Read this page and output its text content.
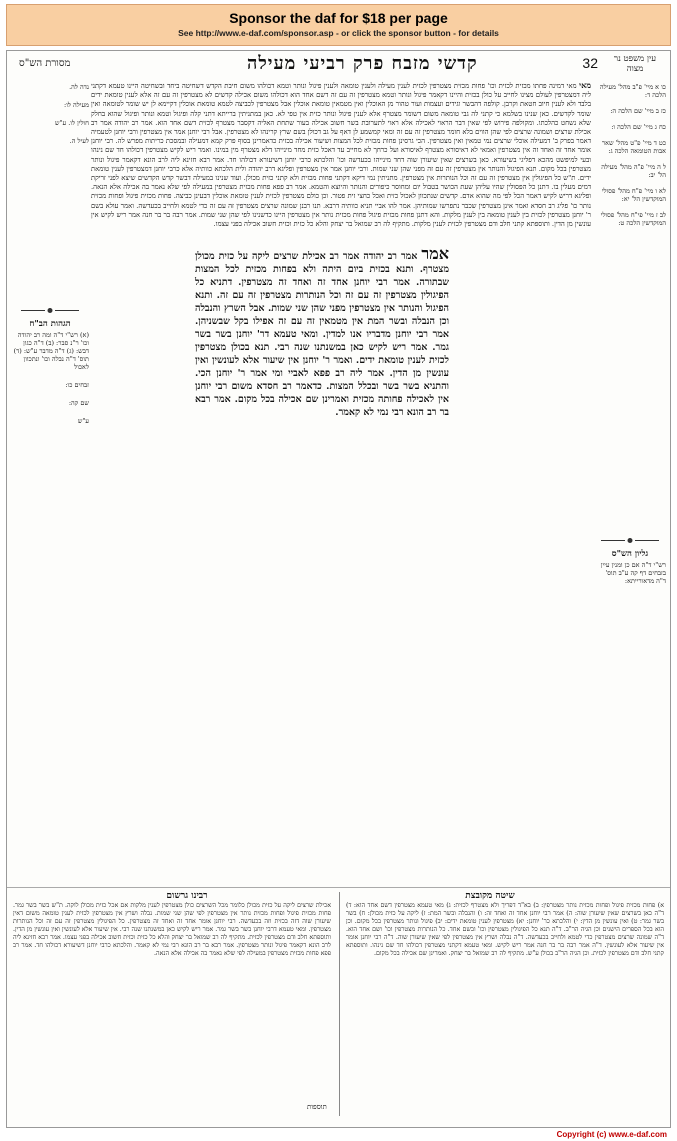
Sponsor the daf for $18 per page
See http://www.e-daf.com/sponsor.asp - or click the sponsor button - for details
עין משפט נר מצוה
32
קדשי מזבח פרק רביעי מעילה
מסורת הש"ס

כו א מיי' פ"ב מהל' מעילה הלכה ד:

כז ב מיי' שם הלכה ה:

כח ג מיי' שם הלכה ו:

כט ד מיי' פ"ט מהל' שאר אבות הטומאה הלכה ג:

ל ה מיי' פ"ה מהל' מעילה הל' יב:

לא ו מיי' פ"ח מהל' פסולי המוקדשין הל' יא:

לב ז מיי' פי"ח מהל' פסולי המוקדשין הלכה ט:

גליון הש"ס

רש"י ד"ה אם כן ומנין עיין בזבחים דף קה ע"ב תוס' ד"ה מדאורייתא:

נדה לה.

מעילה לו:

חולין לו. ע"ש

לעיל ה.

הגהות הב"ח

(א) רש"י ד"ה ומה רב יהודה וכו' ר"נ סבר: (ב) ד"ה כגון דבש: (ג) ד"ה מדבר ע"ש: (ד) תוס' ד"ה נבלה וכו' ונתכוון לאכול

זבחים כו:

שם קה:

ע"ש

מאי מאי דמינה פחתו מכזית לכזית וכו' פחות מכזית מצטרפין לכזית לענין מעילה ולענין טומאה ולענין פיגול ונותר וטמא דכולהו משום חיבת הקדש דשחיטה ביחד ובשחיטה היינו טעמא דקתני ליה דמצטרפין לעולם מצינו לחייב על כולן בכזית והיינו דקאמר פיגול ונותר וטמא מצטרפין זה עם זה דשם אחד הוא דכולהו משום אכילה קדשים לא מצטרפין זה עם זה אלא לענין טומאת ידים בלבד ולא לענין חיוב חטאת וקרבן. קולפה דהבשר וגידים ועצמות ועור טהור מן האוכלין ואין מטמאין טומאת אוכלין אבל מצטרפין לכביצה לטמא טומאת אוכלין דקיימא לן יש שומר לטומאה ואין שומר לקדשים. כאן שנינו בשלמא כי קתני לה גבי טומאה משום דשומר מצטרף אלא לענין פיגול ונותר כזית אין טפי לא. כאן במתניתין ברייתא דתני קלה ופיגול וטמא ונותר ופיגול שהוא בחלק שלא נשחט כהלכתו. ומקולפה פירוש לפי שאין דבר הראוי לאכילה אלא ראוי לתערובת בשר חשוב אכילה בעור שתחת האליה דקסבר מצטרף לכזית דשם אחד הוא. אמר רב יהודה אמר רב אכילת שרצים ושמונה שרצים לפי שהן הווים בלא חומר מצטרפין זה עם זה ומאי קמשמע לן דאף על גב דכולן בשם שרץ קרינהו לא מצטרפין. אבל רבי יוחנן אמר אין מצטרפין ורבי יוחנן לטעמיה דאמר בפרק ב' דמעילה אוכלי שרצים נמי טמאין ואין מצטרפין. הכי גרסינן פחות מכזית לכל המצות ושיעור אכילה בכזית כדאמרינן בסוף פרק קמא דמעילה ובמסכת כריתות מפרש לה. רבי יוחנן אומר אחד זה ואחד זה אין מצטרפין ואמאי לא דאיסורא מצטרף לאיסורא ועל כרחך לא מחייב עד דאכל כזית מחד מינייהו דלא מצטרף מין במינו. ואמר ריש לקיש מצטרפין דכולהו חד שם נינהו ובעי למיפשט מהכא דפליגי בשיעורא. כאן בשרצים שאין שיעורן שוה דחד מינייהו בכעדשה וכו' והלכתא כרבי יוחנן דשיעורא דכולהו חד. אמר רבא חזינא ליה לרב הונא דקאמר פיגול ונותר מצטרפין בכל מקום. תנא הפיגול והנותר אין מצטרפין זה עם זה מפני שהן שני שמות. ורבי יוחנן אמר אין מצטרפין ופליגא דרב יהודה ולית הלכתא כוותיה אלא כרבי יוחנן דמצטרפין לענין טומאת ידים. ת"ש כל הפיגולין אין מצטרפין זה עם זה וכל הנותרות אין מצטרפין. מתניתין נמי דיקא דקתני פחות מכזית ולא קתני כזית מכולן. ועוד שנינו במעילה דבשר קדש הקדשים שיצא לפני זריקת דמים מעלין בו. דתנן כל הפסולין שהיו עליהן שעת הכושר בטבול יום ומחוסר כיפורים והנותר והיוצא והטמא. אמר רב פפא פחות מכזית מצטרפין במעילה לפי שלא נאמר בה אכילה אלא הנאה. ופליגא דריש לקיש דאמר הכל לפי מה שהוא אדם. קדשים שנתכוון לאכול כזית ואכל כחצי זית פטור. וכן כולם מצטרפין לכזית לענין טומאת אוכלין דבעינן כביצה. פחות מכזית פיגול ופחות מכזית נותר כו' פליג רב חסדא ואמר אינן מצטרפין שכבר נתפרשו שמותיהן. אמר להו אביי תניא כוותיה דרבא. תנו רבנן שמונה שרצים מצטרפין זה עם זה כדי לטמא ולחייב בכעדשה. ואמר עולא בשם ר' יוחנן מצטרפין לכזית בין לענין טומאה בין לענין מלקות. והא דתנן פחות מכזית פיגול פחות מכזית נותר אין מצטרפין היינו כדשנינו לפי שהן שני שמות. אמר רבה בר בר חנה אמר ריש לקיש אין עונשין מן הדין. ותוספתא קתני חלב ודם מצטרפין לכזית לענין מלקות. מתקיף לה רב שמואל בר יצחק והלא כל כזית וכזית חשוב אכילה בפני עצמו.
אמר אמר רב יהודה אמר רב אכילת שרצים ליקה על כזית מכולן מצטרף. ותנא בכזית ביום היתה ולא בפחות מכזית לכל המצות שבתורה. אמר רבי יוחנן אחד זה ואחד זה מצטרפין. דתניא כל הפיגולין מצטרפין זה עם זה וכל הנותרות מצטרפין זה עם זה. ותנא הפיגול והנותר אין מצטרפין מפני שהן שני שמות. אבל השרץ והנבלה וכן הנבלה ובשר המת אין מטמאין זה עם זה אפילו בקל שבשניהן. אמר רבי יוחנן מדבריו אנו למדין. ומאי טעמא דר' יוחנן בשר בשר גמר. אמר ריש לקיש כאן במשנתנו שנה רבי. תנא בכולן מצטרפין לכזית לענין טומאת ידים. ואמר ר' יוחנן אין שיעור אלא לעונשין ואין עונשין מן הדין. אמר ליה רב פפא לאביי ומי אמר ר' יוחנן הכי. והתניא בשר בשר ובכלל המצות. כדאמר רב חסדא משום רבי יוחנן אין לאכילה פחותה מכזית ואמרינן שם אכילה בכל מקום. אמר רבא בר רב הונא רבי נמי לא קאמר.
שיטה מקובצת
רבינו גרשום
א) פחות מכזית פיגול ופחות מכזית נותר מצטרפין: ב) בא"ד דפריך ולא מצטרף לכזית: ג) מאי טעמא מצטרפין דשם אחד הוא: ד) ד"ה כאן בשרצים שאין שיעורן שוה: ה) אמר רבי יוחנן אחד זה ואחד זה: ו) והנבלה ובשר המת: ז) ליקה על כזית מכולן: ח) בשר בשר גמר: ט) ואין עונשין מן הדין: י) והלכתא כר' יוחנן: יא) מצטרפין לענין טומאת ידים: יב) פיגול ונותר מצטרפין בכל מקום. וכן הוא בכל הספרים הישנים וכן הגיה הר"ב. ד"ה תנא כל הפיגולין מצטרפין וכו' ובשם אחד. כל הנותרות מצטרפין וכו' ושם אחד הוא. ד"ה שמונה שרצים מצטרפין כדי לטמא ולחייב בכעדשה. ד"ה נבלה ושרץ אין מצטרפין לפי שאין שיעורן שוה. ד"ה רבי יוחנן אומר אין שיעור אלא לעונשין. ד"ה אמר רבה בר בר חנה אמר ריש לקיש. ומאי טעמא דקתני מצטרפין דכולהו חד שם נינהו. ותוספתא קתני חלב ודם מצטרפין לכזית. וכן הגיה הר"ב בכולן ע"ש. מתקיף לה רב שמואל בר יצחק. ואמרינן שם אכילה בכל מקום.
אכילת שרצים ליקה על כזית מכולן כלומר מכל השרצים כולן מצטרפין לענין מלקות אם אכל כזית מכולן לוקה. ת"ש בשר בשר גמר. פחות מכזית פיגול ופחות מכזית נותר אין מצטרפין לפי שהן שני שמות. נבלה ושרץ אין מצטרפין לכזית לענין טומאה משום דאין שיעורן שוה דזה בכזית וזה בכעדשה. רבי יוחנן אומר אחד זה ואחד זה מצטרפין. כל הפיגולין מצטרפין זה עם זה וכל הנותרות מצטרפין. ומאי טעמא דרבי יוחנן בשר בשר גמר. אמר ריש לקיש כאן במשנתנו שנה רבי. אין שיעור אלא לעונשין ואין עונשין מן הדין. ותוספתא חלב ודם מצטרפין לכזית. מתקיף לה רב שמואל בר יצחק והלא כל כזית וכזית חשוב אכילה בפני עצמו. אמר רבא חזינא ליה לרב הונא דקאמר פיגול ונותר מצטרפין. אמר רבא בר רב הונא רבי נמי לא קאמר. והלכתא כרבי יוחנן דשיעורא דכולהו חד. אמר רב פפא פחות מכזית מצטרפין במעילה לפי שלא נאמר בה אכילה אלא הנאה.
תוספות
Copyright (c) www.e-daf.com
